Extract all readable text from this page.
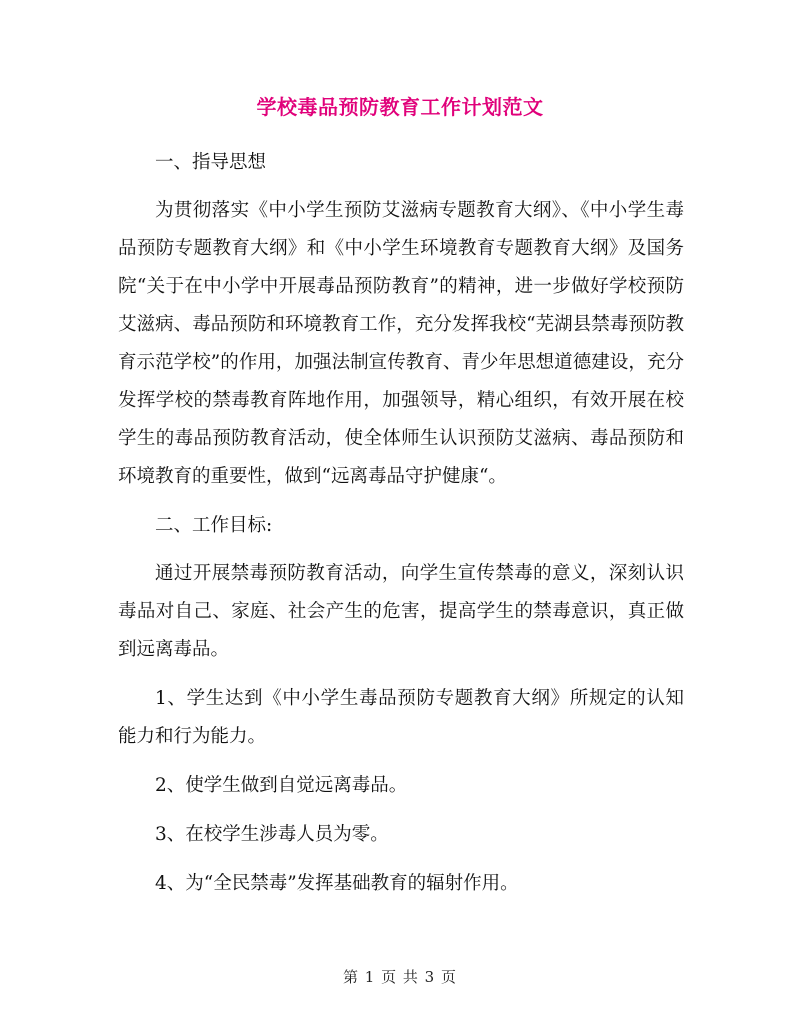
学校毒品预防教育工作计划范文

一、指导思想

为贯彻落实《中小学生预防艾滋病专题教育大纲》、《中小学生毒品预防专题教育大纲》和《中小学生环境教育专题教育大纲》及国务院“关于在中小学中开展毒品预防教育”的精神，进一步做好学校预防艾滋病、毒品预防和环境教育工作，充分发挥我校“芜湖县禁毒预防教育示范学校”的作用，加强法制宣传教育、青少年思想道德建设，充分发挥学校的禁毒教育阵地作用，加强领导，精心组织，有效开展在校学生的毒品预防教育活动，使全体师生认识预防艾滋病、毒品预防和环境教育的重要性，做到“远离毒品守护健康“。

二、工作目标:

通过开展禁毒预防教育活动，向学生宣传禁毒的意义，深刻认识毒品对自己、家庭、社会产生的危害，提高学生的禁毒意识，真正做到远离毒品。

1、学生达到《中小学生毒品预防专题教育大纲》所规定的认知能力和行为能力。

2、使学生做到自觉远离毒品。

3、在校学生涉毒人员为零。

4、为“全民禁毒”发挥基础教育的辐射作用。

第 1 页 共 3 页
